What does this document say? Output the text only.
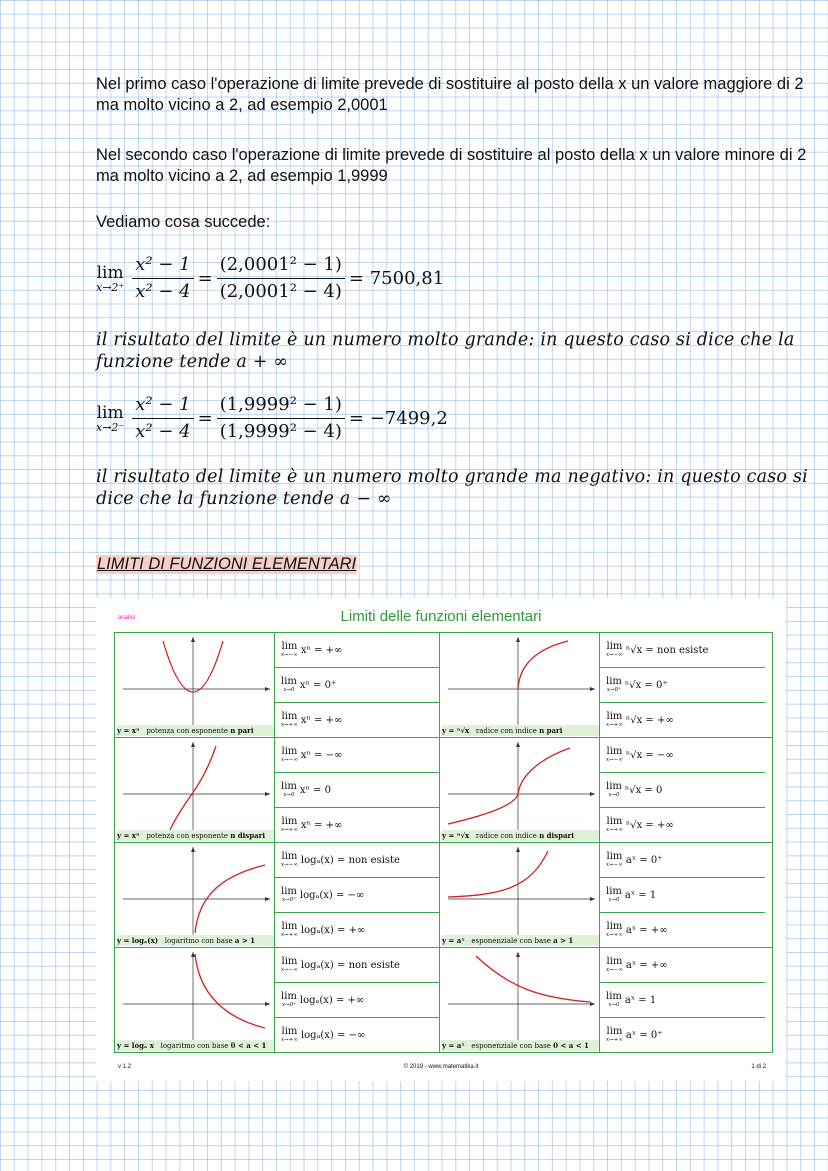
Nel primo caso l'operazione di limite prevede di sostituire al posto della x un valore maggiore di 2 ma molto vicino a 2, ad esempio 2,0001
Nel secondo caso l'operazione di limite prevede di sostituire al posto della x un valore minore di 2 ma molto vicino a 2, ad esempio 1,9999
Vediamo cosa succede:
lim
$x\to 2^+ \frac{\text{x² − 1}}{\text{x² − 4}} = \frac{\text{(2,0001² − 1)}}{\text{(2,0001² − 4)}} = 7500,81$
il risultato del limite è un numero molto grande: in questo caso si dice che la funzione tende a + ∞
lim
$x\to 2^- \frac{\text{x² − 1}}{\text{x² − 4}} = \frac{\text{(1,9999² − 1)}}{\text{(1,9999² − 4)}} = -7499,2$
il risultato del limite è un numero molto grande ma negativo: in questo caso si dice che la funzione tende a − ∞
LIMITI DI FUNZIONI ELEMENTARI
analisi	Limiti delle funzioni elementari
y = xⁿ potenza con esponente n pari
lim
x→−∞ xⁿ = +∞
lim
x→0 xⁿ = 0⁺
lim
x→+∞ xⁿ = +∞
y = ⁿ√x radice con indice n pari
lim
x→−∞ ⁿ√x = non esiste
lim
x→0⁺ ⁿ√x = 0⁺
lim
x→+∞ ⁿ√x = +∞
y = xⁿ potenza con esponente n dispari
lim
x→−∞ xⁿ = −∞
lim
x→0 xⁿ = 0
lim
x→+∞ xⁿ = +∞
y = ⁿ√x radice con indice n dispari
lim
x→−∞ ⁿ√x = −∞
lim
x→0 ⁿ√x = 0
lim
x→+∞ ⁿ√x = +∞
y = logₐ(x) logaritmo con base a > 1
lim
x→−∞ logₐ(x) = non esiste
lim
x→0⁺ logₐ(x) = −∞
lim
x→+∞ logₐ(x) = +∞
y = aˣ esponenziale con base a > 1
lim
x→−∞ aˣ = 0⁺
lim
x→0 aˣ = 1
lim
x→+∞ aˣ = +∞
y = logₐ x logaritmo con base 0 < a < 1
lim
x→−∞ logₐ(x) = non esiste
lim
x→0⁺ logₐ(x) = +∞
lim
x→+∞ logₐ(x) = −∞
y = aˣ esponenziale con base 0 < a < 1
lim
x→−∞ aˣ = +∞
lim
x→0 aˣ = 1
lim
x→+∞ aˣ = 0⁺
v 1.2	© 2019 - www.matematika.it	1 di 2
